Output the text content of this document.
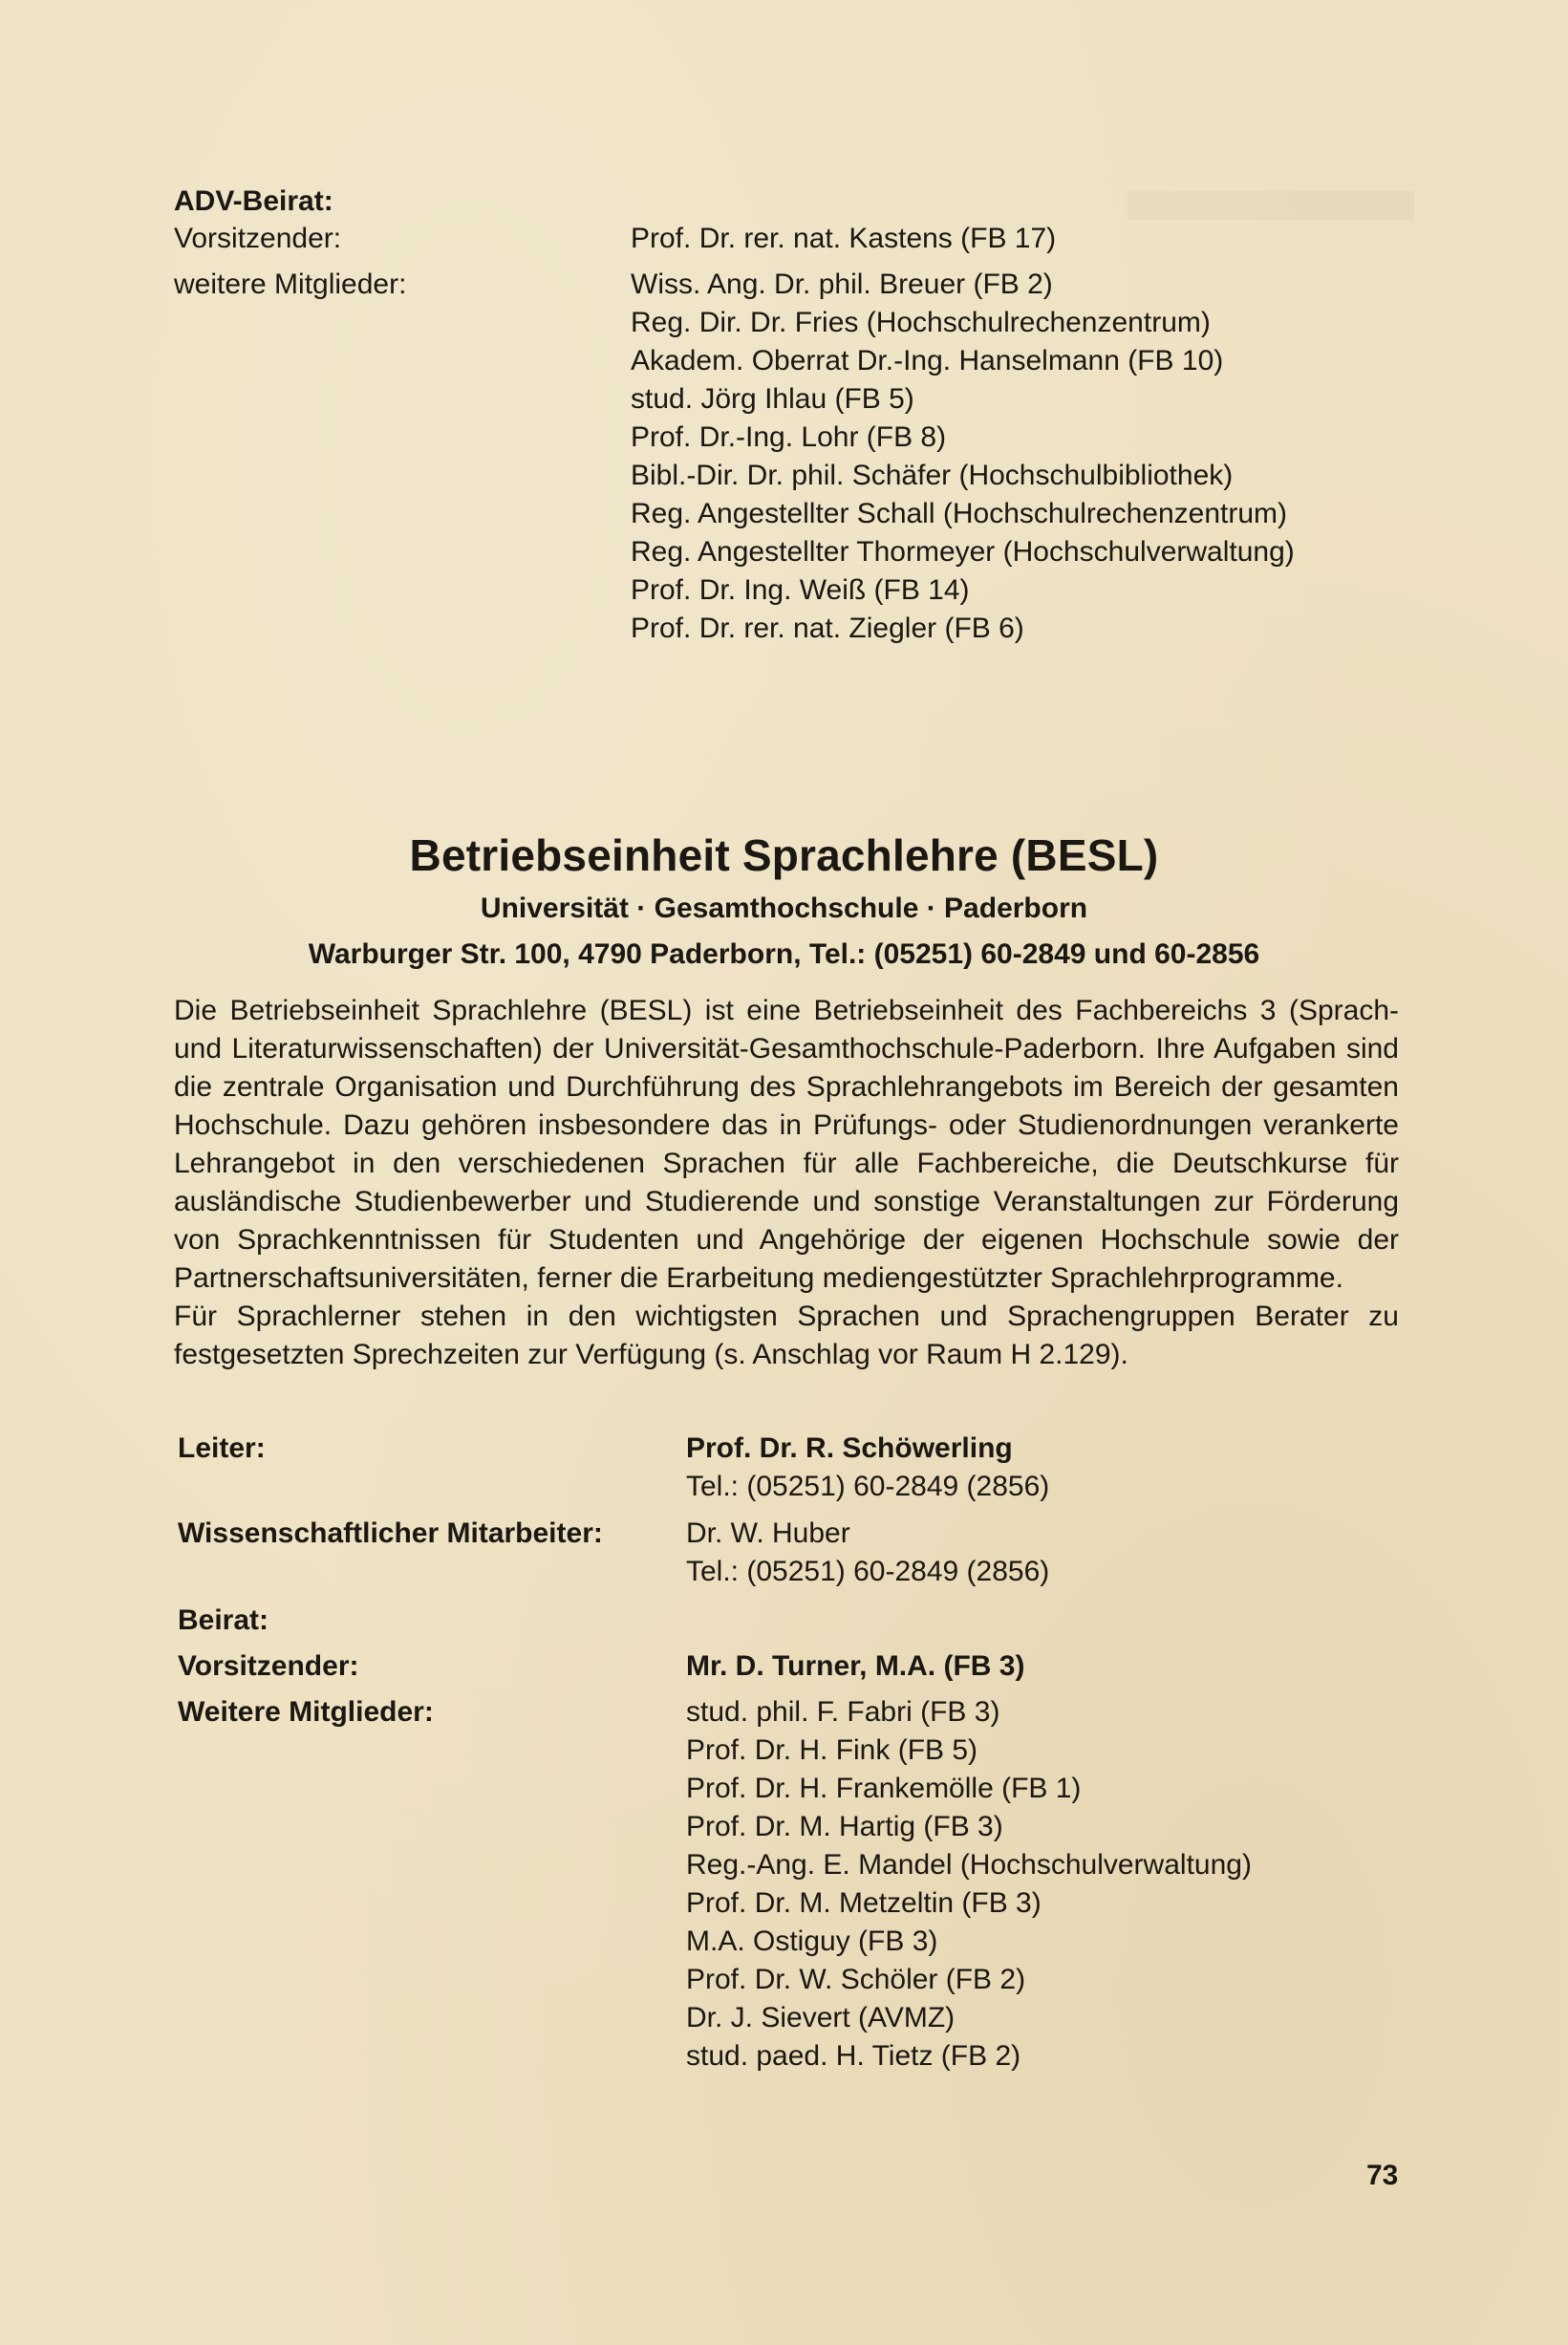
ADV-Beirat:
Vorsitzender:	Prof. Dr. rer. nat. Kastens (FB 17)
weitere Mitglieder:	Wiss. Ang. Dr. phil. Breuer (FB 2)
Reg. Dir. Dr. Fries (Hochschulrechenzentrum)
Akadem. Oberrat Dr.-Ing. Hanselmann (FB 10)
stud. Jörg Ihlau (FB 5)
Prof. Dr.-Ing. Lohr (FB 8)
Bibl.-Dir. Dr. phil. Schäfer (Hochschulbibliothek)
Reg. Angestellter Schall (Hochschulrechenzentrum)
Reg. Angestellter Thormeyer (Hochschulverwaltung)
Prof. Dr. Ing. Weiß (FB 14)
Prof. Dr. rer. nat. Ziegler (FB 6)
Betriebseinheit Sprachlehre (BESL)
Universität · Gesamthochschule · Paderborn
Warburger Str. 100, 4790 Paderborn, Tel.: (05251) 60-2849 und 60-2856

Die Betriebseinheit Sprachlehre (BESL) ist eine Betriebseinheit des Fachbereichs 3 (Sprach- und Literaturwissenschaften) der Universität-Gesamthochschule-Paderborn. Ihre Aufgaben sind die zentrale Organisation und Durchführung des Sprachlehrangebots im Bereich der gesamten Hochschule. Dazu gehören insbesondere das in Prüfungs- oder Studienordnungen verankerte Lehrangebot in den verschiedenen Sprachen für alle Fachbereiche, die Deutschkurse für ausländische Studienbewerber und Studierende und sonstige Veranstaltungen zur Förderung von Sprachkenntnissen für Studenten und Angehörige der eigenen Hochschule sowie der Partnerschaftsuniversitäten, ferner die Erarbeitung mediengestützter Sprachlehrprogramme.

Für Sprachlerner stehen in den wichtigsten Sprachen und Sprachengruppen Berater zu festgesetzten Sprechzeiten zur Verfügung (s. Anschlag vor Raum H 2.129).

Leiter:	Prof. Dr. R. Schöwerling
Tel.: (05251) 60-2849 (2856)
Wissenschaftlicher Mitarbeiter:	Dr. W. Huber
Tel.: (05251) 60-2849 (2856)
Beirat:
Vorsitzender:	Mr. D. Turner, M.A. (FB 3)
Weitere Mitglieder:	stud. phil. F. Fabri (FB 3)
Prof. Dr. H. Fink (FB 5)
Prof. Dr. H. Frankemölle (FB 1)
Prof. Dr. M. Hartig (FB 3)
Reg.-Ang. E. Mandel (Hochschulverwaltung)
Prof. Dr. M. Metzeltin (FB 3)
M.A. Ostiguy (FB 3)
Prof. Dr. W. Schöler (FB 2)
Dr. J. Sievert (AVMZ)
stud. paed. H. Tietz (FB 2)
73
